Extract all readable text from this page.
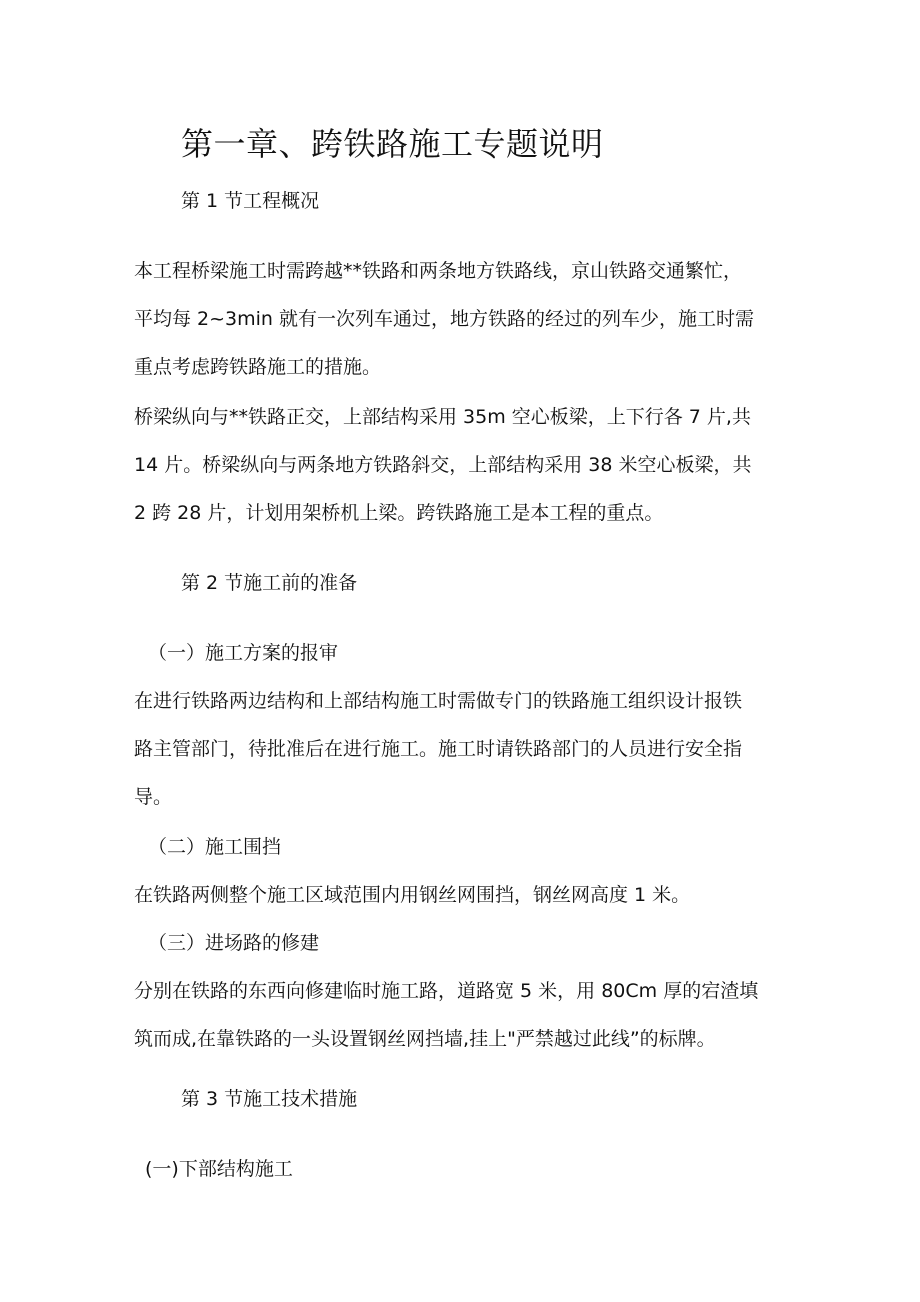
第一章、跨铁路施工专题说明
第 1 节工程概况
本工程桥梁施工时需跨越**铁路和两条地方铁路线，京山铁路交通繁忙，
平均每 2~3min 就有一次列车通过，地方铁路的经过的列车少，施工时需
重点考虑跨铁路施工的措施。
桥梁纵向与**铁路正交，上部结构采用 35m 空心板梁，上下行各 7 片,共
14 片。桥梁纵向与两条地方铁路斜交，上部结构采用 38 米空心板梁，共
2 跨 28 片，计划用架桥机上梁。跨铁路施工是本工程的重点。
第 2 节施工前的准备
（一）施工方案的报审
在进行铁路两边结构和上部结构施工时需做专门的铁路施工组织设计报铁
路主管部门，待批准后在进行施工。施工时请铁路部门的人员进行安全指
导。
（二）施工围挡
在铁路两侧整个施工区域范围内用钢丝网围挡，钢丝网高度 1 米。
（三）进场路的修建
分别在铁路的东西向修建临时施工路，道路宽 5 米，用 80Cm 厚的宕渣填
筑而成,在靠铁路的一头设置钢丝网挡墙,挂上"严禁越过此线”的标牌。
第 3 节施工技术措施
(一)下部结构施工
